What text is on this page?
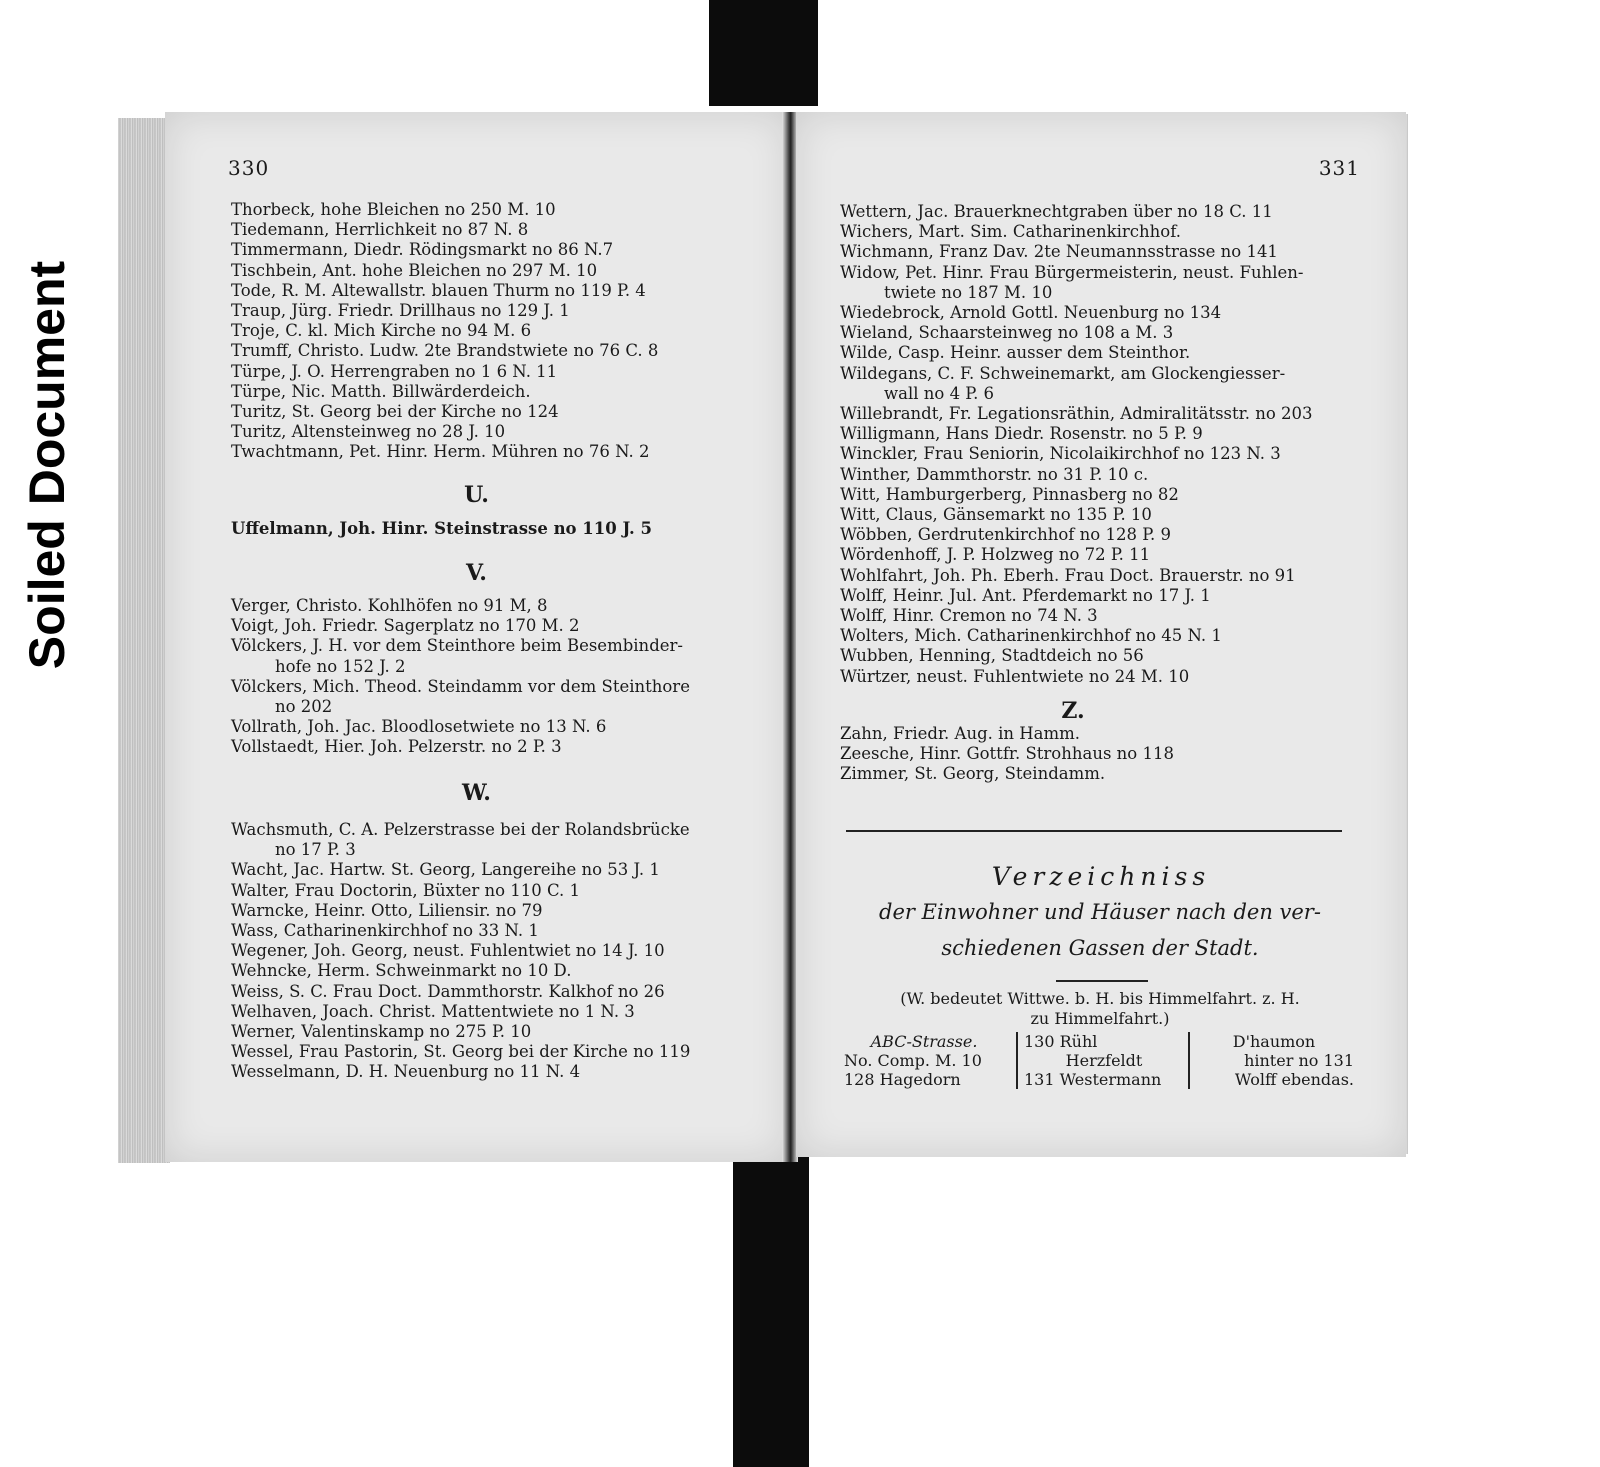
Soiled Document
330
Thorbeck, hohe Bleichen no 250 M. 10
Tiedemann, Herrlichkeit no 87 N. 8
Timmermann, Diedr. Rödingsmarkt no 86 N.7
Tischbein, Ant. hohe Bleichen no 297 M. 10
Tode, R. M. Altewallstr. blauen Thurm no 119 P. 4
Traup, Jürg. Friedr. Drillhaus no 129 J. 1
Troje, C. kl. Mich Kirche no 94 M. 6
Trumff, Christo. Ludw. 2te Brandstwiete no 76 C. 8
Türpe, J. O. Herrengraben no 1 6 N. 11
Türpe, Nic. Matth. Billwärderdeich.
Turitz, St. Georg bei der Kirche no 124
Turitz, Altensteinweg no 28 J. 10
Twachtmann, Pet. Hinr. Herm. Mühren no 76 N. 2
U.
Uffelmann, Joh. Hinr. Steinstrasse no 110 J. 5
V.
Verger, Christo. Kohlhöfen no 91 M, 8
Voigt, Joh. Friedr. Sagerplatz no 170 M. 2
Völckers, J. H. vor dem Steinthore beim Besembinder-
hofe no 152 J. 2
Völckers, Mich. Theod. Steindamm vor dem Steinthore
no 202
Vollrath, Joh. Jac. Bloodlosetwiete no 13 N. 6
Vollstaedt, Hier. Joh. Pelzerstr. no 2 P. 3
W.
Wachsmuth, C. A. Pelzerstrasse bei der Rolandsbrücke
no 17 P. 3
Wacht, Jac. Hartw. St. Georg, Langereihe no 53 J. 1
Walter, Frau Doctorin, Büxter no 110 C. 1
Warncke, Heinr. Otto, Liliensir. no 79
Wass, Catharinenkirchhof no 33 N. 1
Wegener, Joh. Georg, neust. Fuhlentwiet no 14 J. 10
Wehncke, Herm. Schweinmarkt no 10 D.
Weiss, S. C. Frau Doct. Dammthorstr. Kalkhof no 26
Welhaven, Joach. Christ. Mattentwiete no 1 N. 3
Werner, Valentinskamp no 275 P. 10
Wessel, Frau Pastorin, St. Georg bei der Kirche no 119
Wesselmann, D. H. Neuenburg no 11 N. 4
331
Wettern, Jac. Brauerknechtgraben über no 18 C. 11
Wichers, Mart. Sim. Catharinenkirchhof.
Wichmann, Franz Dav. 2te Neumannsstrasse no 141
Widow, Pet. Hinr. Frau Bürgermeisterin, neust. Fuhlen-
twiete no 187 M. 10
Wiedebrock, Arnold Gottl. Neuenburg no 134
Wieland, Schaarsteinweg no 108 a M. 3
Wilde, Casp. Heinr. ausser dem Steinthor.
Wildegans, C. F. Schweinemarkt, am Glockengiesser-
wall no 4 P. 6
Willebrandt, Fr. Legationsräthin, Admiralitätsstr. no 203
Willigmann, Hans Diedr. Rosenstr. no 5 P. 9
Winckler, Frau Seniorin, Nicolaikirchhof no 123 N. 3
Winther, Dammthorstr. no 31 P. 10 c.
Witt, Hamburgerberg, Pinnasberg no 82
Witt, Claus, Gänsemarkt no 135 P. 10
Wöbben, Gerdrutenkirchhof no 128 P. 9
Wördenhoff, J. P. Holzweg no 72 P. 11
Wohlfahrt, Joh. Ph. Eberh. Frau Doct. Brauerstr. no 91
Wolff, Heinr. Jul. Ant. Pferdemarkt no 17 J. 1
Wolff, Hinr. Cremon no 74 N. 3
Wolters, Mich. Catharinenkirchhof no 45 N. 1
Wubben, Henning, Stadtdeich no 56
Würtzer, neust. Fuhlentwiete no 24 M. 10
Z.
Zahn, Friedr. Aug. in Hamm.
Zeesche, Hinr. Gottfr. Strohhaus no 118
Zimmer, St. Georg, Steindamm.
Verzeichniss
der Einwohner und Häuser nach den ver-
schiedenen Gassen der Stadt.
(W. bedeutet Wittwe. b. H. bis Himmelfahrt. z. H.
zu Himmelfahrt.)
ABC-Strasse.
No. Comp. M. 10
128 Hagedorn
130 Rühl
Herzfeldt
131 Westermann
D'haumon
hinter no 131
Wolff ebendas.
